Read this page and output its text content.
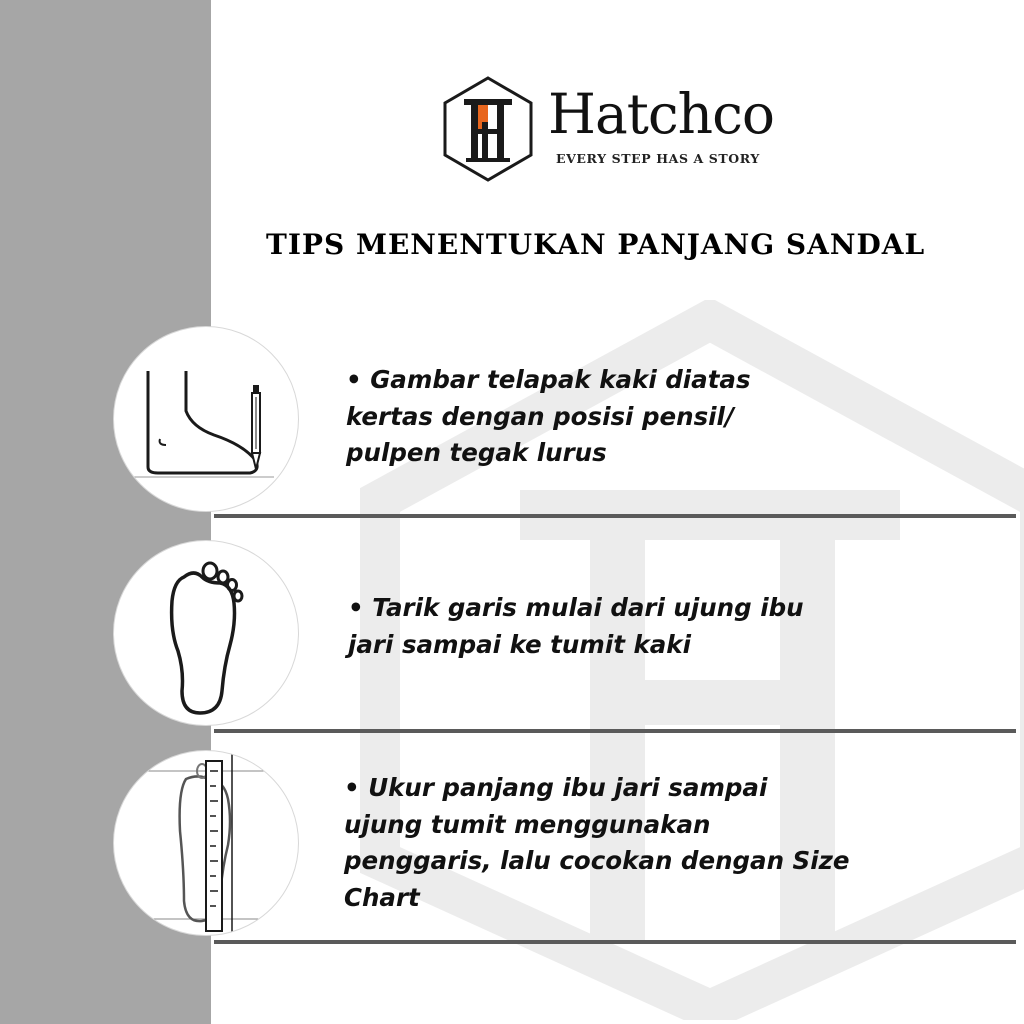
Hatchco
EVERY STEP HAS A STORY
TIPS MENENTUKAN PANJANG SANDAL
• Gambar telapak kaki diatas
kertas dengan posisi pensil/
pulpen tegak lurus
• Tarik garis mulai dari ujung ibu
jari sampai ke tumit kaki
• Ukur panjang ibu jari sampai
ujung tumit menggunakan
penggaris, lalu cocokan dengan Size
Chart
